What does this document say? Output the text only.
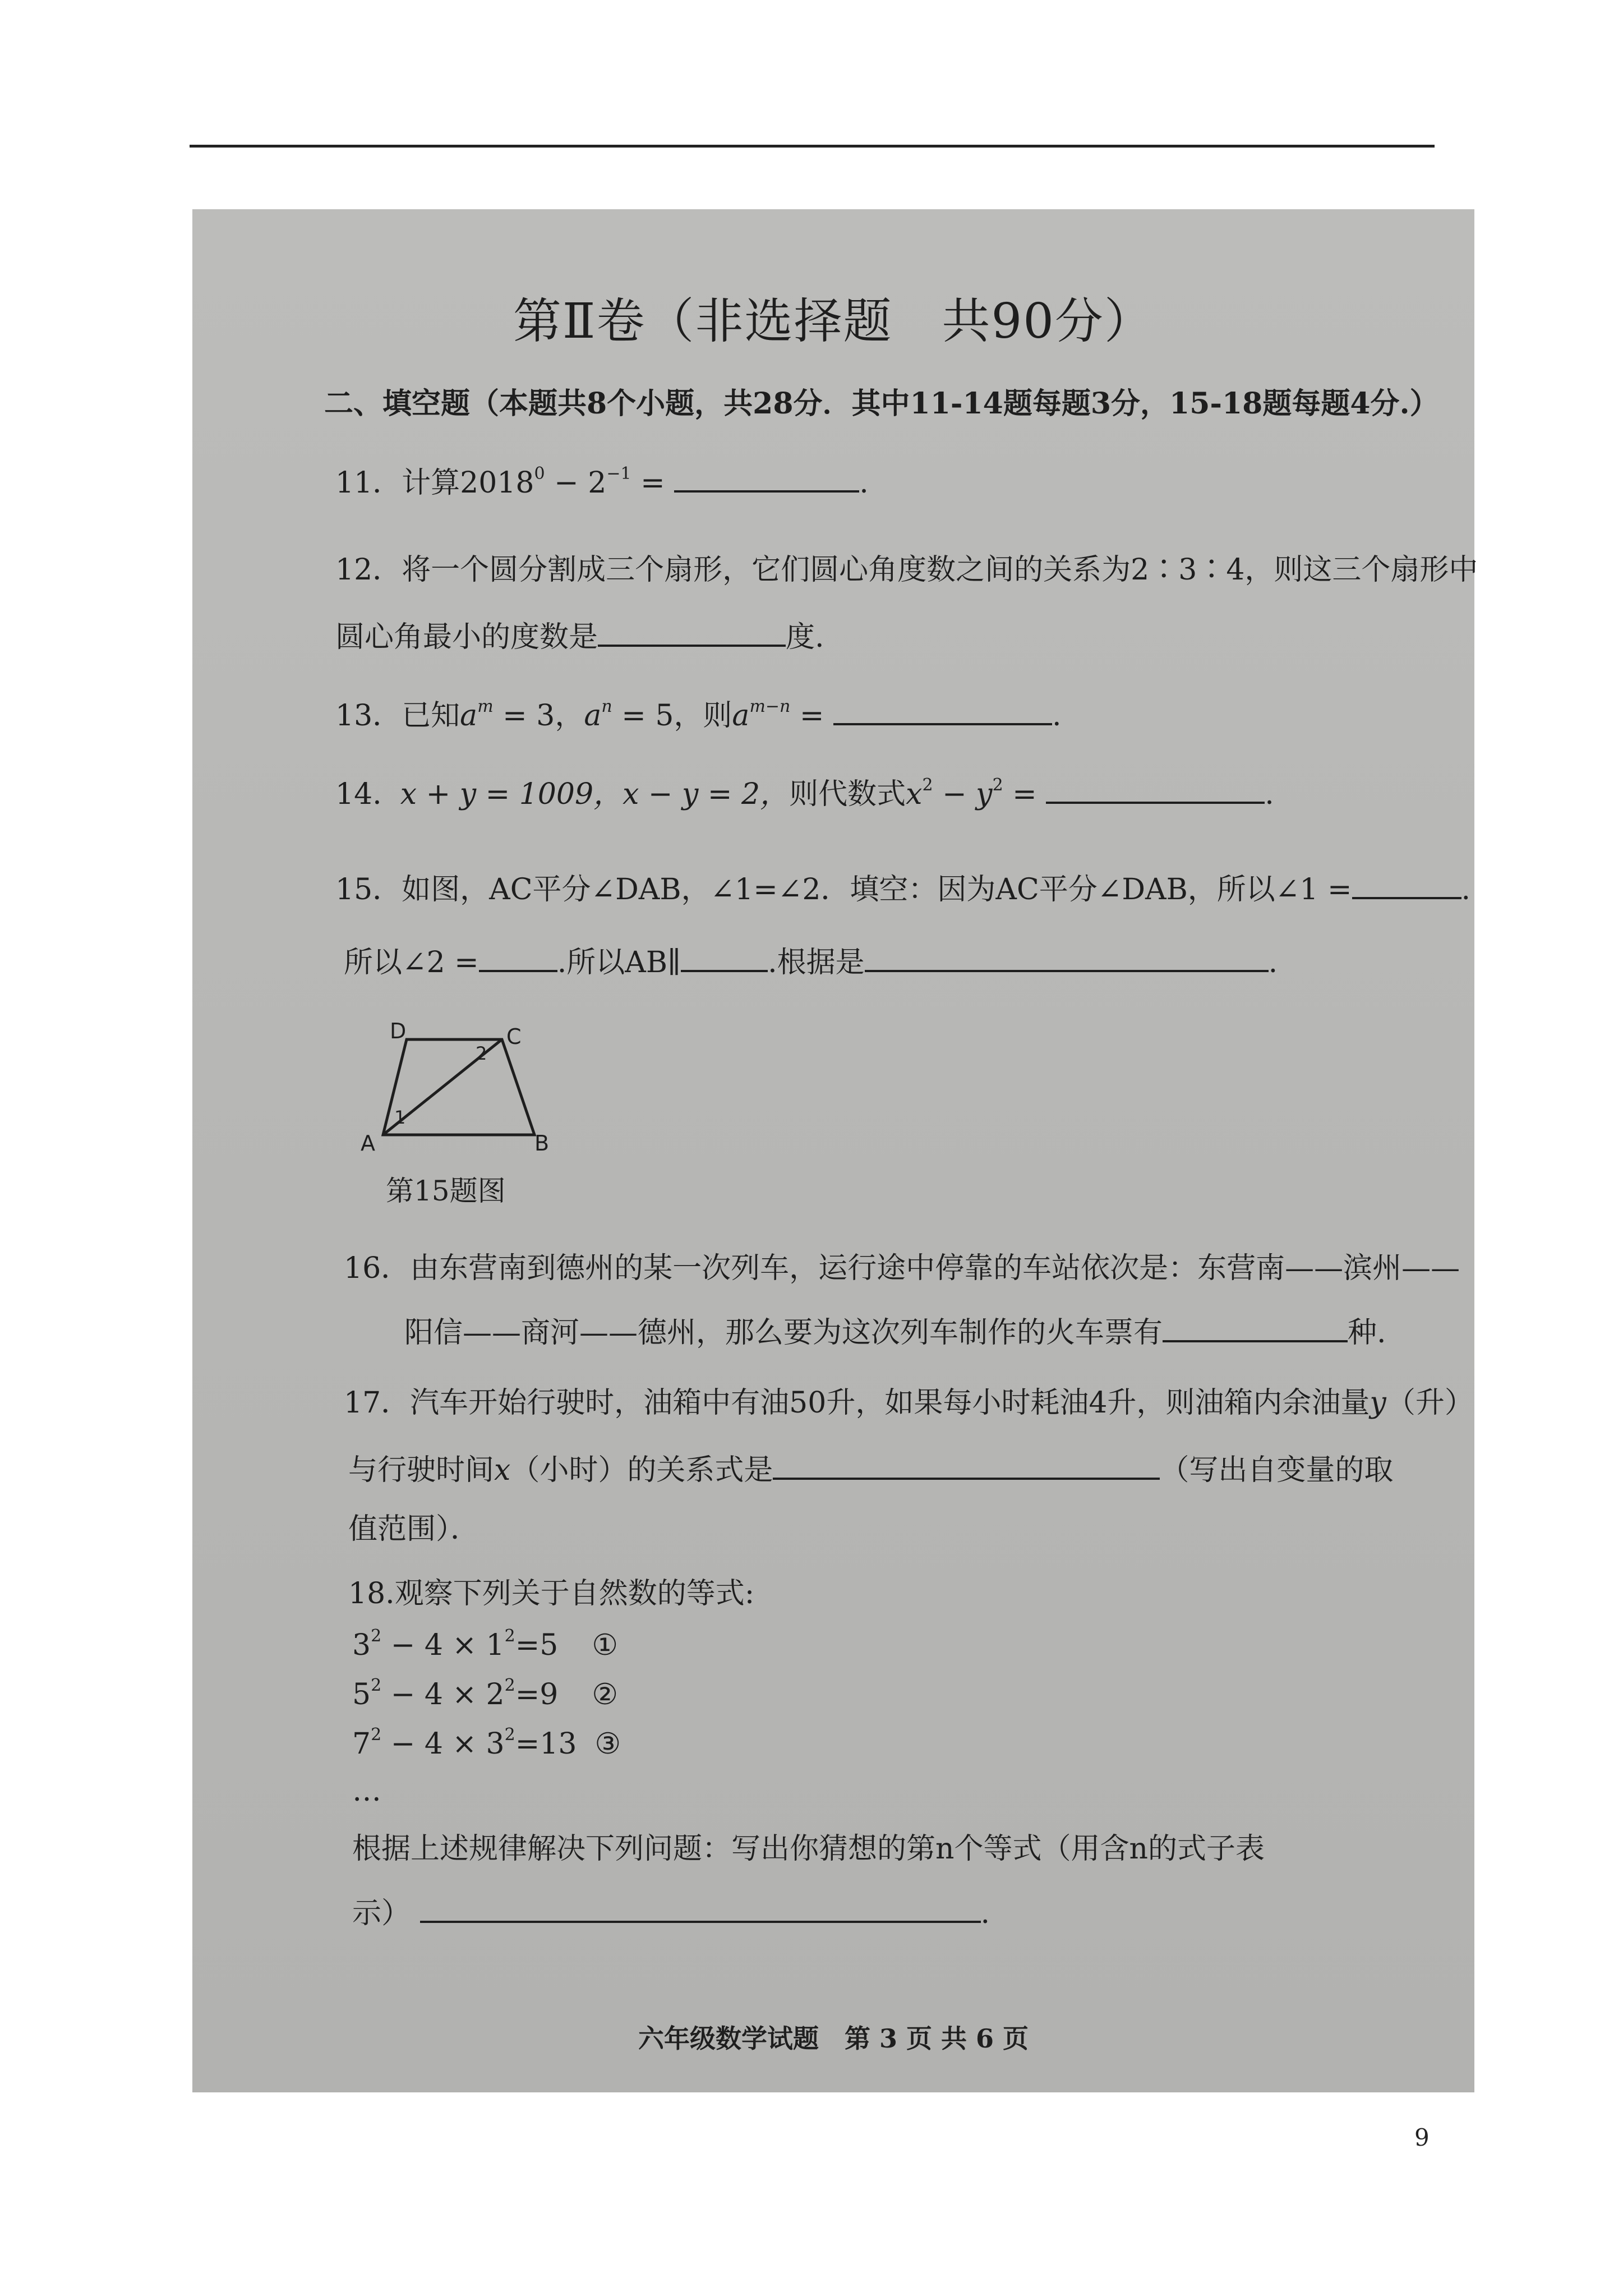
第Ⅱ卷（非选择题　共90分）
二、填空题（本题共8个小题，共28分．其中11-14题每题3分，15-18题每题4分.）
11．计算$2018^0 - 2^{-1}$ =	.
12．将一个圆分割成三个扇形，它们圆心角度数之间的关系为2∶3∶4，则这三个扇形中
圆心角最小的度数是	度.
13．已知$a^m = 3$，$a^n = 5$，则$a^{m-n}$ =	.
14. x + y = 1009，x − y = 2，则代数式$x^2 - y^2$ =	.
15．如图，AC平分∠DAB，∠1=∠2．填空：因为AC平分∠DAB，所以∠1 =	.
所以∠2 =	.所以AB∥	.根据是	.
D	C
A	B
1
2
第15题图
16．由东营南到德州的某一次列车，运行途中停靠的车站依次是：东营南——滨州——
阳信——商河——德州，那么要为这次列车制作的火车票有	种.
17．汽车开始行驶时，油箱中有油50升，如果每小时耗油4升，则油箱内余油量y（升）
与行驶时间x（小时）的关系式是	（写出自变量的取
值范围）．
18.观察下列关于自然数的等式:
$3^2 - 4 \times 1^2=5$ ①
$5^2 - 4 \times 2^2=9$ ②
$7^2 - 4 \times 3^2=13$ ③
…
根据上述规律解决下列问题：写出你猜想的第n个等式（用含n的式子表
示）	.
六年级数学试题　第 3 页 共 6 页
9
